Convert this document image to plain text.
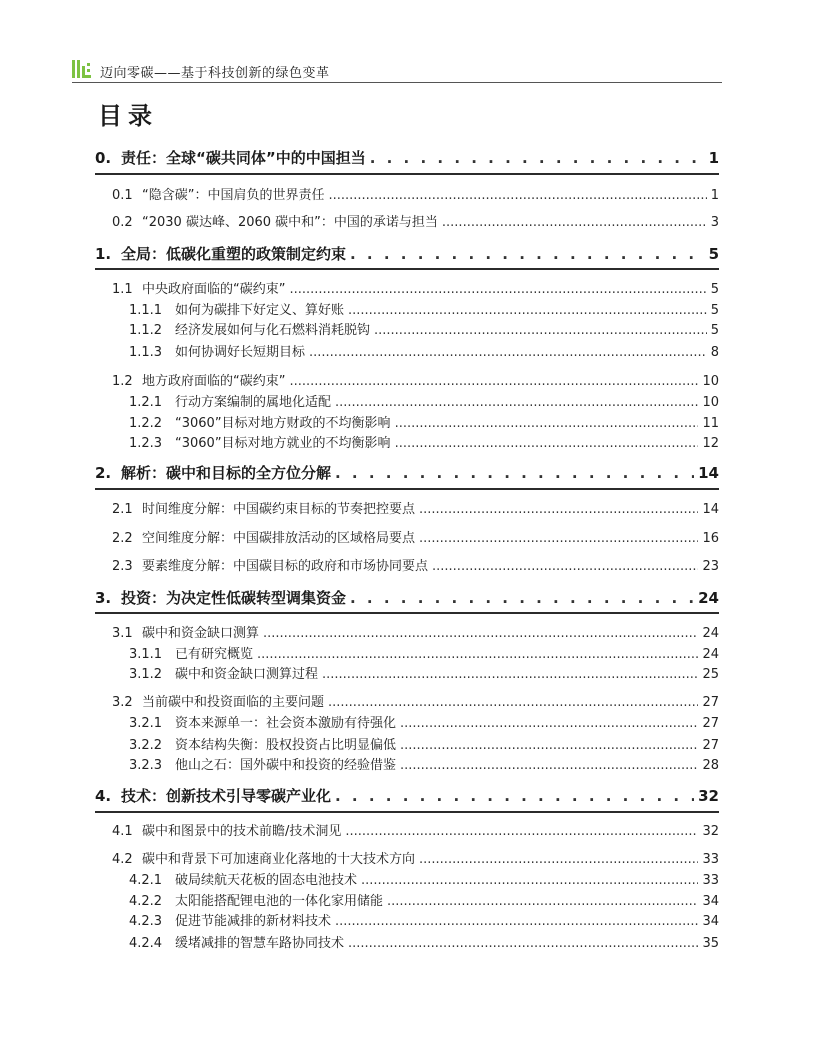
迈向零碳——基于科技创新的绿色变革
目录
0. 责任：全球“碳共同体”中的中国担当 . . .	1
0.1 “隐含碳”：中国肩负的世界责任 .....	1
0.2 “2030 碳达峰、2060 碳中和”：中国的承诺与担当 .....	3
1. 全局：低碳化重塑的政策制定约束 . . .	5
1.1 中央政府面临的“碳约束” .....	5
1.1.1 如何为碳排下好定义、算好账 .....	5
1.1.2 经济发展如何与化石燃料消耗脱钩 .....	5
1.1.3 如何协调好长短期目标 .....	8
1.2 地方政府面临的“碳约束” .....	10
1.2.1 行动方案编制的属地化适配 .....	10
1.2.2 “3060”目标对地方财政的不均衡影响 .....	11
1.2.3 “3060”目标对地方就业的不均衡影响 .....	12
2. 解析：碳中和目标的全方位分解 . . .	14
2.1 时间维度分解：中国碳约束目标的节奏把控要点 .....	14
2.2 空间维度分解：中国碳排放活动的区域格局要点 .....	16
2.3 要素维度分解：中国碳目标的政府和市场协同要点 .....	23
3. 投资：为决定性低碳转型调集资金 . . .	24
3.1 碳中和资金缺口测算 .....	24
3.1.1 已有研究概览 .....	24
3.1.2 碳中和资金缺口测算过程 .....	25
3.2 当前碳中和投资面临的主要问题 .....	27
3.2.1 资本来源单一：社会资本激励有待强化 .....	27
3.2.2 资本结构失衡：股权投资占比明显偏低 .....	27
3.2.3 他山之石：国外碳中和投资的经验借鉴 .....	28
4. 技术：创新技术引导零碳产业化 . . .	32
4.1 碳中和图景中的技术前瞻/技术洞见 .....	32
4.2 碳中和背景下可加速商业化落地的十大技术方向 .....	33
4.2.1 破局续航天花板的固态电池技术 .....	33
4.2.2 太阳能搭配锂电池的一体化家用储能 .....	34
4.2.3 促进节能减排的新材料技术 .....	34
4.2.4 缓堵减排的智慧车路协同技术 .....	35
